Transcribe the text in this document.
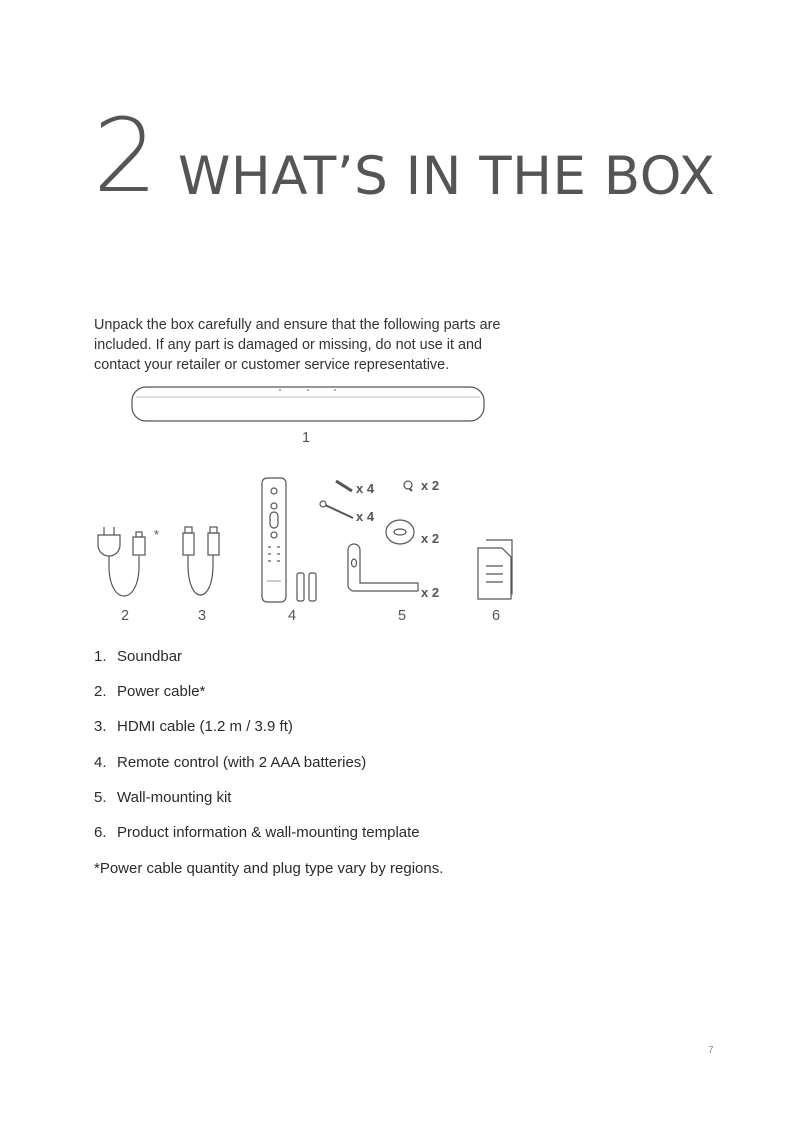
2 WHAT’S IN THE BOX
Unpack the box carefully and ensure that the following parts are included. If any part is damaged or missing, do not use it and contact your retailer or customer service representative.
1
2	3	4	5	6
*
x 4
x 4
x 2
x 2
x 2
1. Soundbar
2. Power cable*
3. HDMI cable (1.2 m / 3.9 ft)
4. Remote control (with 2 AAA batteries)
5. Wall-mounting kit
6. Product information & wall-mounting template
*Power cable quantity and plug type vary by regions.
7
